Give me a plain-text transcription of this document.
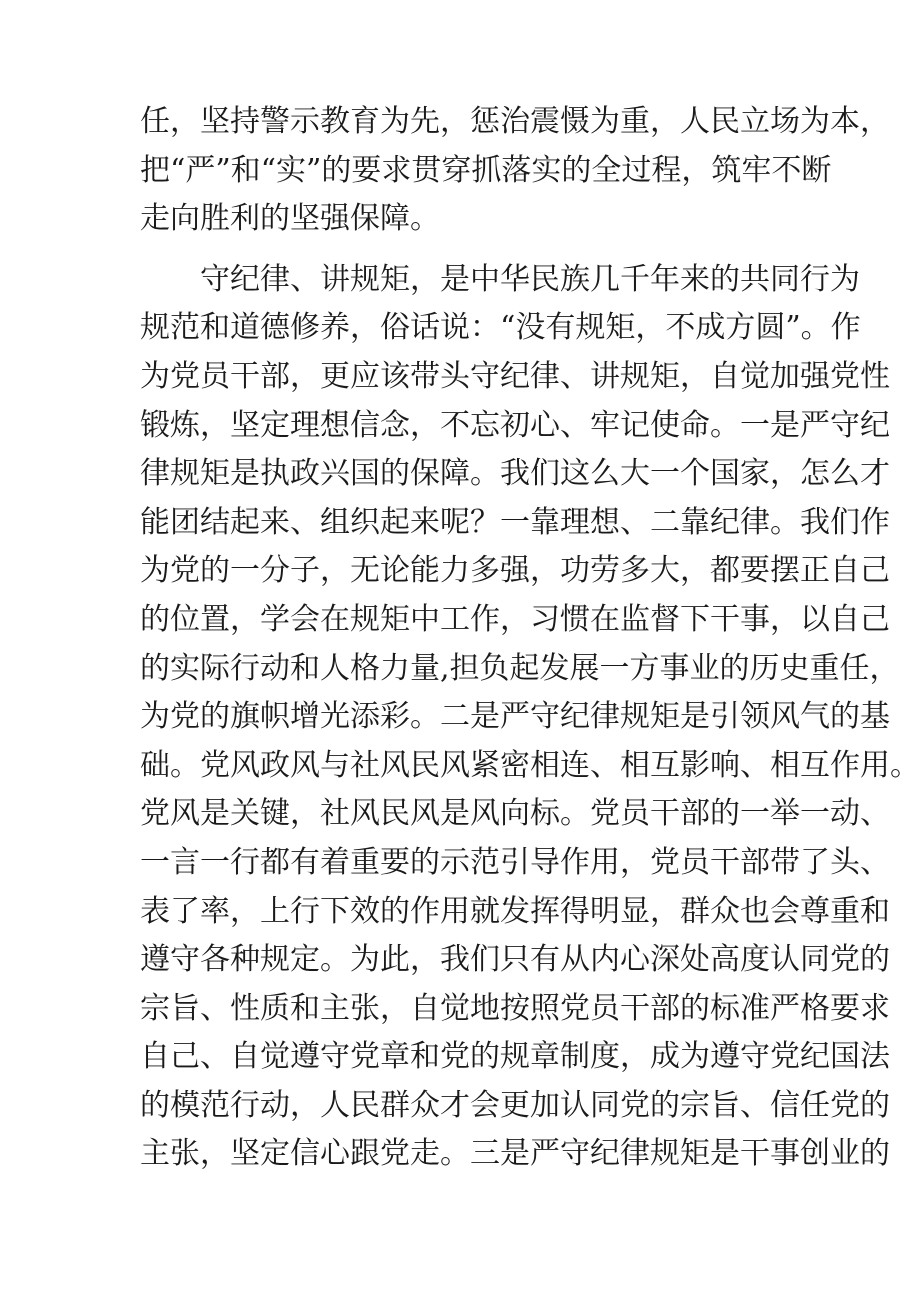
任，坚持警示教育为先，惩治震慑为重，人民立场为本，
把“严”和“实”的要求贯穿抓落实的全过程，筑牢不断
走向胜利的坚强保障。
守纪律、讲规矩，是中华民族几千年来的共同行为
规范和道德修养，俗话说：“没有规矩，不成方圆”。作
为党员干部，更应该带头守纪律、讲规矩，自觉加强党性
锻炼，坚定理想信念，不忘初心、牢记使命。一是严守纪
律规矩是执政兴国的保障。我们这么大一个国家，怎么才
能团结起来、组织起来呢？一靠理想、二靠纪律。我们作
为党的一分子，无论能力多强，功劳多大，都要摆正自己
的位置，学会在规矩中工作，习惯在监督下干事，以自己
的实际行动和人格力量,担负起发展一方事业的历史重任，
为党的旗帜增光添彩。二是严守纪律规矩是引领风气的基
础。党风政风与社风民风紧密相连、相互影响、相互作用。
党风是关键，社风民风是风向标。党员干部的一举一动、
一言一行都有着重要的示范引导作用，党员干部带了头、
表了率，上行下效的作用就发挥得明显，群众也会尊重和
遵守各种规定。为此，我们只有从内心深处高度认同党的
宗旨、性质和主张，自觉地按照党员干部的标准严格要求
自己、自觉遵守党章和党的规章制度，成为遵守党纪国法
的模范行动，人民群众才会更加认同党的宗旨、信任党的
主张，坚定信心跟党走。三是严守纪律规矩是干事创业的
